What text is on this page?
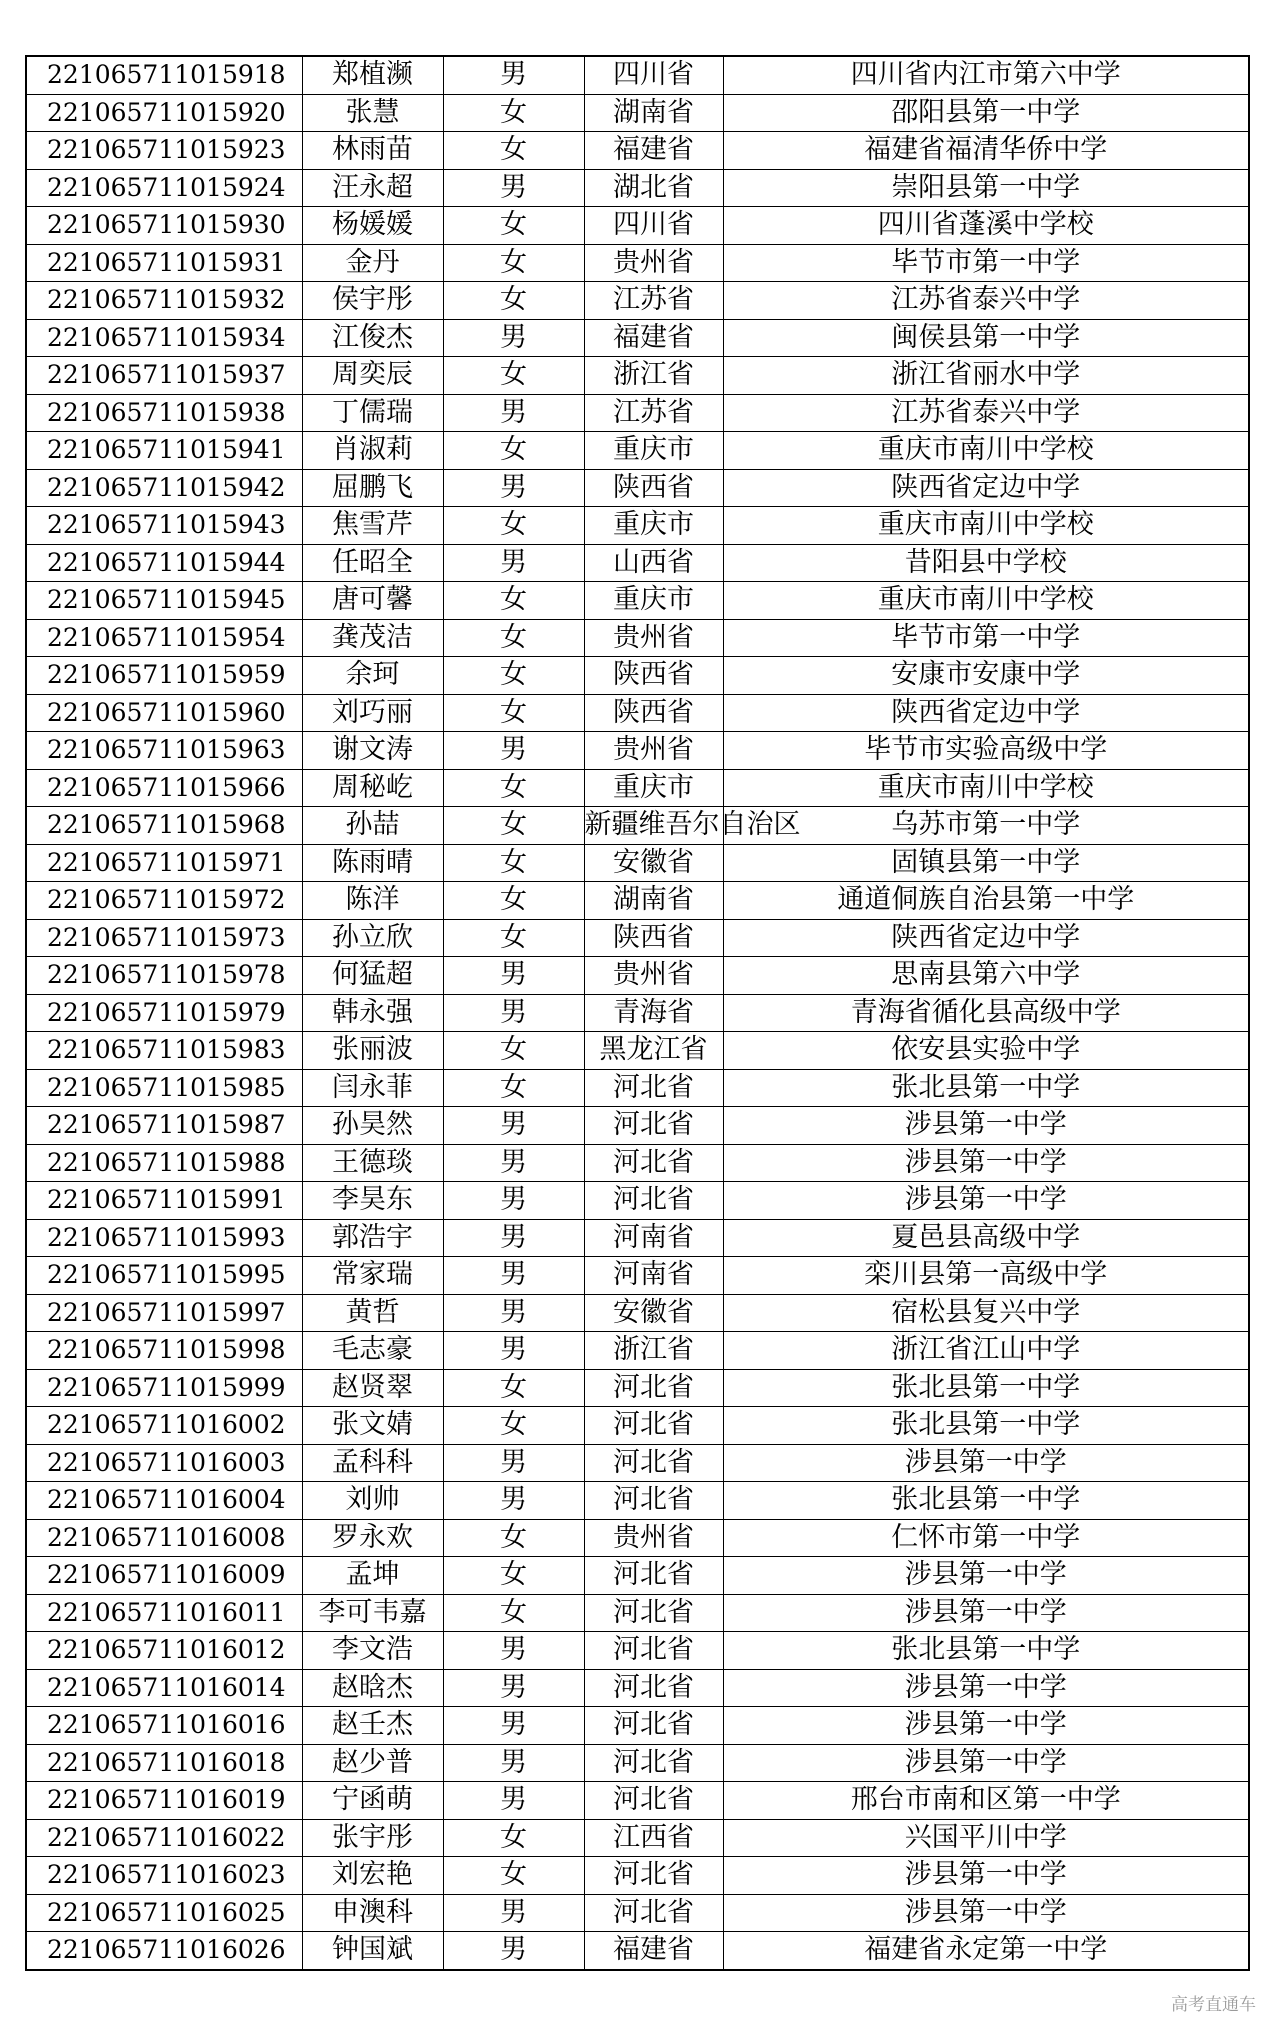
221065711015918	郑植濒	男	四川省	四川省内江市第六中学
221065711015920	张慧	女	湖南省	邵阳县第一中学
221065711015923	林雨苗	女	福建省	福建省福清华侨中学
221065711015924	汪永超	男	湖北省	崇阳县第一中学
221065711015930	杨媛媛	女	四川省	四川省蓬溪中学校
221065711015931	金丹	女	贵州省	毕节市第一中学
221065711015932	侯宇彤	女	江苏省	江苏省泰兴中学
221065711015934	江俊杰	男	福建省	闽侯县第一中学
221065711015937	周奕辰	女	浙江省	浙江省丽水中学
221065711015938	丁儒瑞	男	江苏省	江苏省泰兴中学
221065711015941	肖淑莉	女	重庆市	重庆市南川中学校
221065711015942	屈鹏飞	男	陕西省	陕西省定边中学
221065711015943	焦雪芹	女	重庆市	重庆市南川中学校
221065711015944	任昭全	男	山西省	昔阳县中学校
221065711015945	唐可馨	女	重庆市	重庆市南川中学校
221065711015954	龚茂洁	女	贵州省	毕节市第一中学
221065711015959	余珂	女	陕西省	安康市安康中学
221065711015960	刘巧丽	女	陕西省	陕西省定边中学
221065711015963	谢文涛	男	贵州省	毕节市实验高级中学
221065711015966	周秘屹	女	重庆市	重庆市南川中学校
221065711015968	孙喆	女	新疆维吾尔自治区	乌苏市第一中学
221065711015971	陈雨晴	女	安徽省	固镇县第一中学
221065711015972	陈洋	女	湖南省	通道侗族自治县第一中学
221065711015973	孙立欣	女	陕西省	陕西省定边中学
221065711015978	何猛超	男	贵州省	思南县第六中学
221065711015979	韩永强	男	青海省	青海省循化县高级中学
221065711015983	张丽波	女	黑龙江省	依安县实验中学
221065711015985	闫永菲	女	河北省	张北县第一中学
221065711015987	孙昊然	男	河北省	涉县第一中学
221065711015988	王德琰	男	河北省	涉县第一中学
221065711015991	李昊东	男	河北省	涉县第一中学
221065711015993	郭浩宇	男	河南省	夏邑县高级中学
221065711015995	常家瑞	男	河南省	栾川县第一高级中学
221065711015997	黄哲	男	安徽省	宿松县复兴中学
221065711015998	毛志豪	男	浙江省	浙江省江山中学
221065711015999	赵贤翠	女	河北省	张北县第一中学
221065711016002	张文婧	女	河北省	张北县第一中学
221065711016003	孟科科	男	河北省	涉县第一中学
221065711016004	刘帅	男	河北省	张北县第一中学
221065711016008	罗永欢	女	贵州省	仁怀市第一中学
221065711016009	孟坤	女	河北省	涉县第一中学
221065711016011	李可韦嘉	女	河北省	涉县第一中学
221065711016012	李文浩	男	河北省	张北县第一中学
221065711016014	赵晗杰	男	河北省	涉县第一中学
221065711016016	赵壬杰	男	河北省	涉县第一中学
221065711016018	赵少普	男	河北省	涉县第一中学
221065711016019	宁函萌	男	河北省	邢台市南和区第一中学
221065711016022	张宇彤	女	江西省	兴国平川中学
221065711016023	刘宏艳	女	河北省	涉县第一中学
221065711016025	申澳科	男	河北省	涉县第一中学
221065711016026	钟国斌	男	福建省	福建省永定第一中学
高考直通车
